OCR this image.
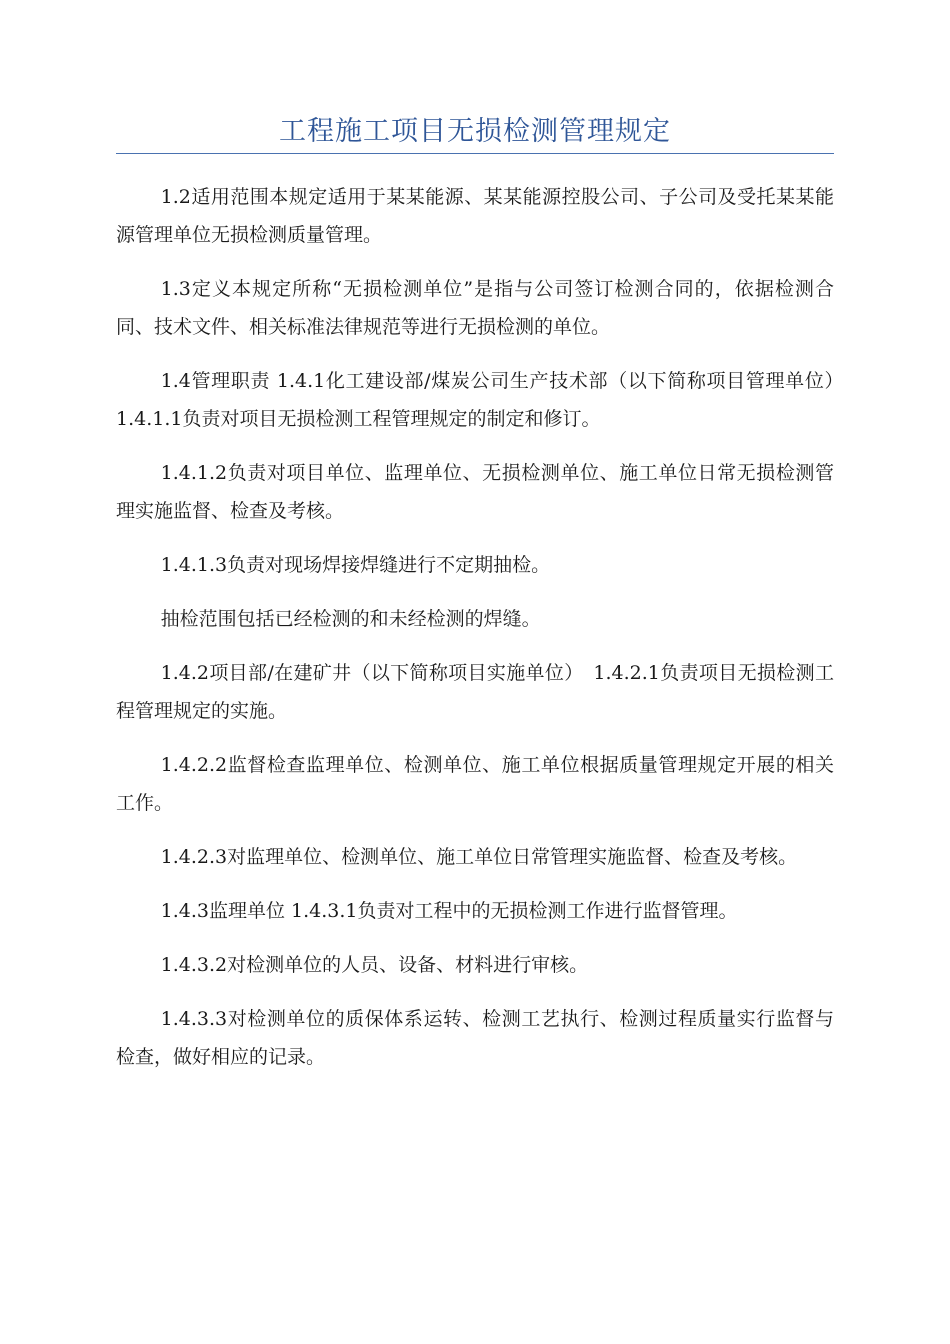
工程施工项目无损检测管理规定

1.2适用范围本规定适用于某某能源、某某能源控股公司、子公司及受托某某能源管理单位无损检测质量管理。

1.3定义本规定所称“无损检测单位”是指与公司签订检测合同的，依据检测合同、技术文件、相关标准法律规范等进行无损检测的单位。

1.4管理职责 1.4.1化工建设部/煤炭公司生产技术部（以下简称项目管理单位）　1.4.1.1负责对项目无损检测工程管理规定的制定和修订。

1.4.1.2负责对项目单位、监理单位、无损检测单位、施工单位日常无损检测管理实施监督、检查及考核。

1.4.1.3负责对现场焊接焊缝进行不定期抽检。

抽检范围包括已经检测的和未经检测的焊缝。

1.4.2项目部/在建矿井（以下简称项目实施单位）　1.4.2.1负责项目无损检测工程管理规定的实施。

1.4.2.2监督检查监理单位、检测单位、施工单位根据质量管理规定开展的相关工作。

1.4.2.3对监理单位、检测单位、施工单位日常管理实施监督、检查及考核。

1.4.3监理单位 1.4.3.1负责对工程中的无损检测工作进行监督管理。

1.4.3.2对检测单位的人员、设备、材料进行审核。

1.4.3.3对检测单位的质保体系运转、检测工艺执行、检测过程质量实行监督与检查，做好相应的记录。
